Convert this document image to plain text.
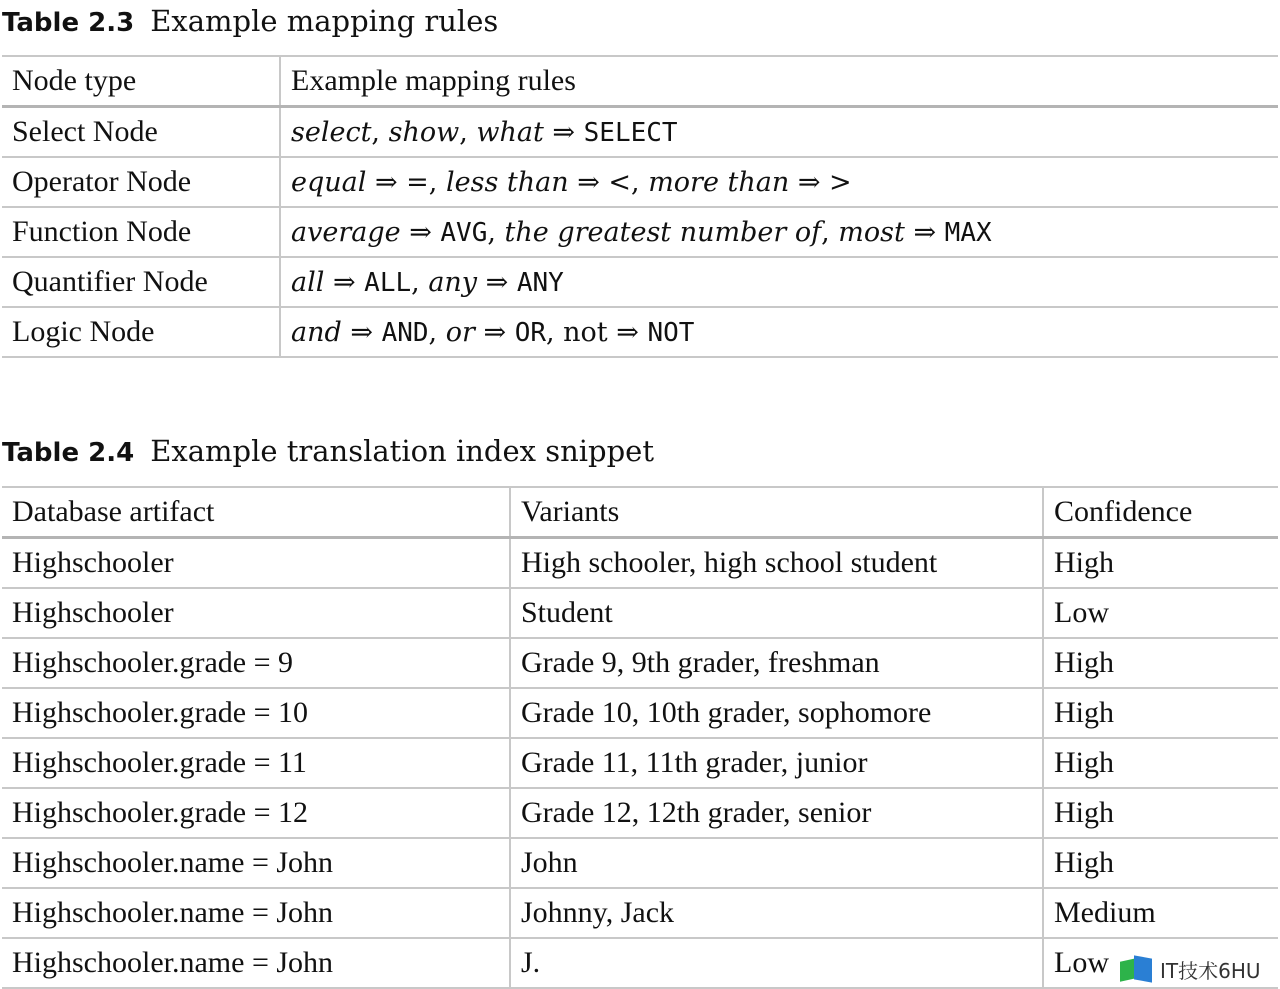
Table 2.3 Example mapping rules
Node type	Example mapping rules
Select Node	select, show, what ⇒ SELECT
Operator Node	equal ⇒ =, less than ⇒ <, more than ⇒ >
Function Node	average ⇒ AVG, the greatest number of, most ⇒ MAX
Quantifier Node	all ⇒ ALL, any ⇒ ANY
Logic Node	and ⇒ AND, or ⇒ OR, not ⇒ NOT
Table 2.4 Example translation index snippet
Database artifact	Variants	Confidence
Highschooler	High schooler, high school student	High
Highschooler	Student	Low
Highschooler.grade = 9	Grade 9, 9th grader, freshman	High
Highschooler.grade = 10	Grade 10, 10th grader, sophomore	High
Highschooler.grade = 11	Grade 11, 11th grader, junior	High
Highschooler.grade = 12	Grade 12, 12th grader, senior	High
Highschooler.name = John	John	High
Highschooler.name = John	Johnny, Jack	Medium
Highschooler.name = John	J.	Low	IT技术6HU
